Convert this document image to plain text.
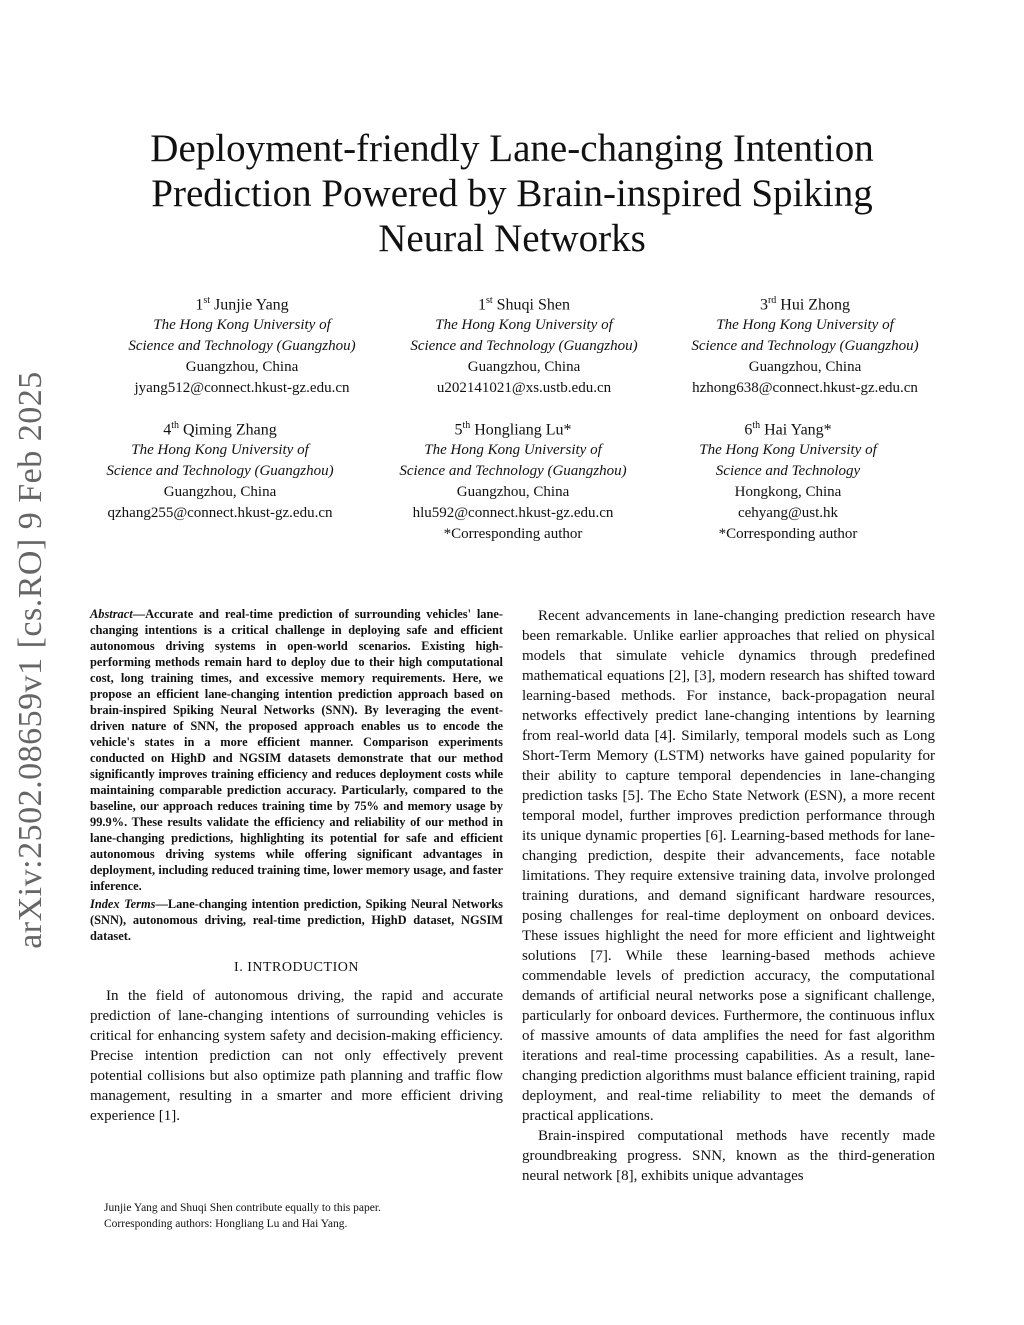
arXiv:2502.08659v1 [cs.RO] 9 Feb 2025
Deployment-friendly Lane-changing Intention Prediction Powered by Brain-inspired Spiking Neural Networks
1st Junjie Yang
The Hong Kong University of
Science and Technology (Guangzhou)
Guangzhou, China
jyang512@connect.hkust-gz.edu.cn
1st Shuqi Shen
The Hong Kong University of
Science and Technology (Guangzhou)
Guangzhou, China
u202141021@xs.ustb.edu.cn
3rd Hui Zhong
The Hong Kong University of
Science and Technology (Guangzhou)
Guangzhou, China
hzhong638@connect.hkust-gz.edu.cn
4th Qiming Zhang
The Hong Kong University of
Science and Technology (Guangzhou)
Guangzhou, China
qzhang255@connect.hkust-gz.edu.cn
5th Hongliang Lu*
The Hong Kong University of
Science and Technology (Guangzhou)
Guangzhou, China
hlu592@connect.hkust-gz.edu.cn
*Corresponding author
6th Hai Yang*
The Hong Kong University of
Science and Technology
Hongkong, China
cehyang@ust.hk
*Corresponding author

Abstract—Accurate and real-time prediction of surrounding vehicles' lane-changing intentions is a critical challenge in deploying safe and efficient autonomous driving systems in open-world scenarios. Existing high-performing methods remain hard to deploy due to their high computational cost, long training times, and excessive memory requirements. Here, we propose an efficient lane-changing intention prediction approach based on brain-inspired Spiking Neural Networks (SNN). By leveraging the event-driven nature of SNN, the proposed approach enables us to encode the vehicle's states in a more efficient manner. Comparison experiments conducted on HighD and NGSIM datasets demonstrate that our method significantly improves training efficiency and reduces deployment costs while maintaining comparable prediction accuracy. Particularly, compared to the baseline, our approach reduces training time by 75% and memory usage by 99.9%. These results validate the efficiency and reliability of our method in lane-changing predictions, highlighting its potential for safe and efficient autonomous driving systems while offering significant advantages in deployment, including reduced training time, lower memory usage, and faster inference.

Index Terms—Lane-changing intention prediction, Spiking Neural Networks (SNN), autonomous driving, real-time prediction, HighD dataset, NGSIM dataset.

I. INTRODUCTION

In the field of autonomous driving, the rapid and accurate prediction of lane-changing intentions of surrounding vehicles is critical for enhancing system safety and decision-making efficiency. Precise intention prediction can not only effectively prevent potential collisions but also optimize path planning and traffic flow management, resulting in a smarter and more efficient driving experience [1].

Junjie Yang and Shuqi Shen contribute equally to this paper.

Corresponding authors: Hongliang Lu and Hai Yang.

Recent advancements in lane-changing prediction research have been remarkable. Unlike earlier approaches that relied on physical models that simulate vehicle dynamics through predefined mathematical equations [2], [3], modern research has shifted toward learning-based methods. For instance, back-propagation neural networks effectively predict lane-changing intentions by learning from real-world data [4]. Similarly, temporal models such as Long Short-Term Memory (LSTM) networks have gained popularity for their ability to capture temporal dependencies in lane-changing prediction tasks [5]. The Echo State Network (ESN), a more recent temporal model, further improves prediction performance through its unique dynamic properties [6]. Learning-based methods for lane-changing prediction, despite their advancements, face notable limitations. They require extensive training data, involve prolonged training durations, and demand significant hardware resources, posing challenges for real-time deployment on onboard devices. These issues highlight the need for more efficient and lightweight solutions [7]. While these learning-based methods achieve commendable levels of prediction accuracy, the computational demands of artificial neural networks pose a significant challenge, particularly for onboard devices. Furthermore, the continuous influx of massive amounts of data amplifies the need for fast algorithm iterations and real-time processing capabilities. As a result, lane-changing prediction algorithms must balance efficient training, rapid deployment, and real-time reliability to meet the demands of practical applications.

Brain-inspired computational methods have recently made groundbreaking progress. SNN, known as the third-generation neural network [8], exhibits unique advantages
